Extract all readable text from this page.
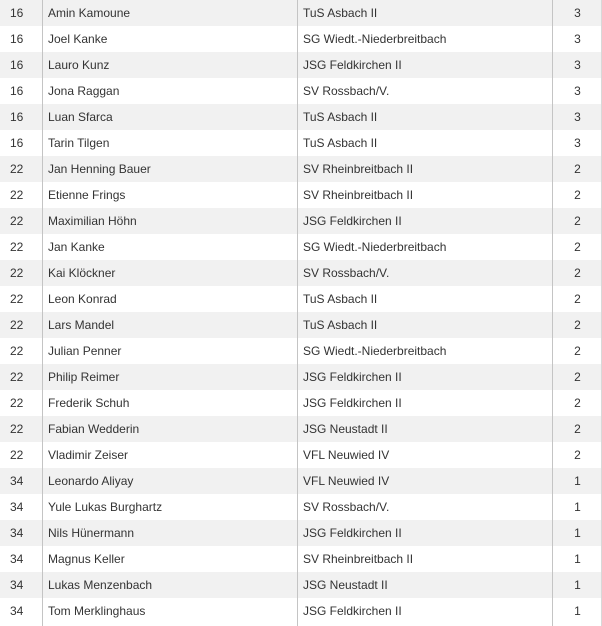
16	Amin Kamoune	TuS Asbach II	3
16	Joel Kanke	SG Wiedt.-Niederbreitbach	3
16	Lauro Kunz	JSG Feldkirchen II	3
16	Jona Raggan	SV Rossbach/V.	3
16	Luan Sfarca	TuS Asbach II	3
16	Tarin Tilgen	TuS Asbach II	3
22	Jan Henning Bauer	SV Rheinbreitbach II	2
22	Etienne Frings	SV Rheinbreitbach II	2
22	Maximilian Höhn	JSG Feldkirchen II	2
22	Jan Kanke	SG Wiedt.-Niederbreitbach	2
22	Kai Klöckner	SV Rossbach/V.	2
22	Leon Konrad	TuS Asbach II	2
22	Lars Mandel	TuS Asbach II	2
22	Julian Penner	SG Wiedt.-Niederbreitbach	2
22	Philip Reimer	JSG Feldkirchen II	2
22	Frederik Schuh	JSG Feldkirchen II	2
22	Fabian Wedderin	JSG Neustadt II	2
22	Vladimir Zeiser	VFL Neuwied IV	2
34	Leonardo Aliyay	VFL Neuwied IV	1
34	Yule Lukas Burghartz	SV Rossbach/V.	1
34	Nils Hünermann	JSG Feldkirchen II	1
34	Magnus Keller	SV Rheinbreitbach II	1
34	Lukas Menzenbach	JSG Neustadt II	1
34	Tom Merklinghaus	JSG Feldkirchen II	1
